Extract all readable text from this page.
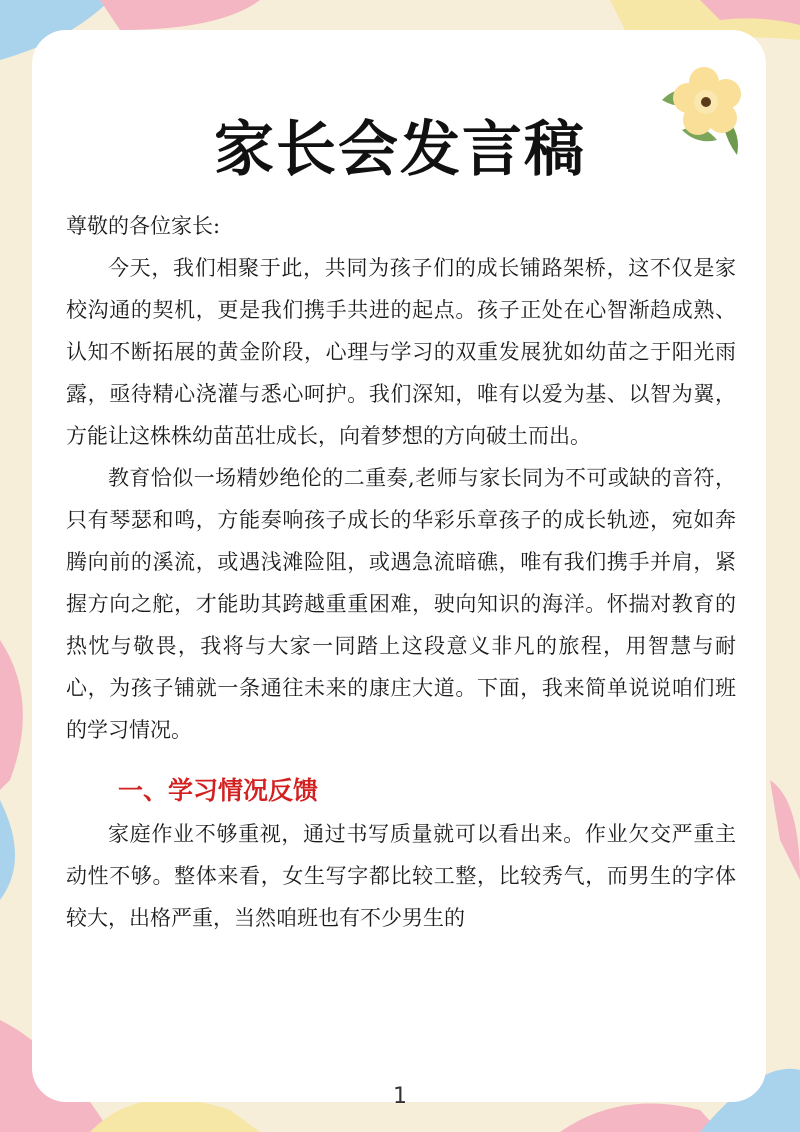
家长会发言稿

尊敬的各位家长:

今天，我们相聚于此，共同为孩子们的成长铺路架桥，这不仅是家校沟通的契机，更是我们携手共进的起点。孩子正处在心智渐趋成熟、认知不断拓展的黄金阶段，心理与学习的双重发展犹如幼苗之于阳光雨露，亟待精心浇灌与悉心呵护。我们深知，唯有以爱为基、以智为翼，方能让这株株幼苗茁壮成长，向着梦想的方向破土而出。

教育恰似一场精妙绝伦的二重奏,老师与家长同为不可或缺的音符，只有琴瑟和鸣，方能奏响孩子成长的华彩乐章孩子的成长轨迹，宛如奔腾向前的溪流，或遇浅滩险阻，或遇急流暗礁，唯有我们携手并肩，紧握方向之舵，才能助其跨越重重困难，驶向知识的海洋。怀揣对教育的热忱与敬畏，我将与大家一同踏上这段意义非凡的旅程，用智慧与耐心，为孩子铺就一条通往未来的康庄大道。下面，我来简单说说咱们班的学习情况。

一、学习情况反馈

家庭作业不够重视，通过书写质量就可以看出来。作业欠交严重主动性不够。整体来看，女生写字都比较工整，比较秀气，而男生的字体较大，出格严重，当然咱班也有不少男生的

1
